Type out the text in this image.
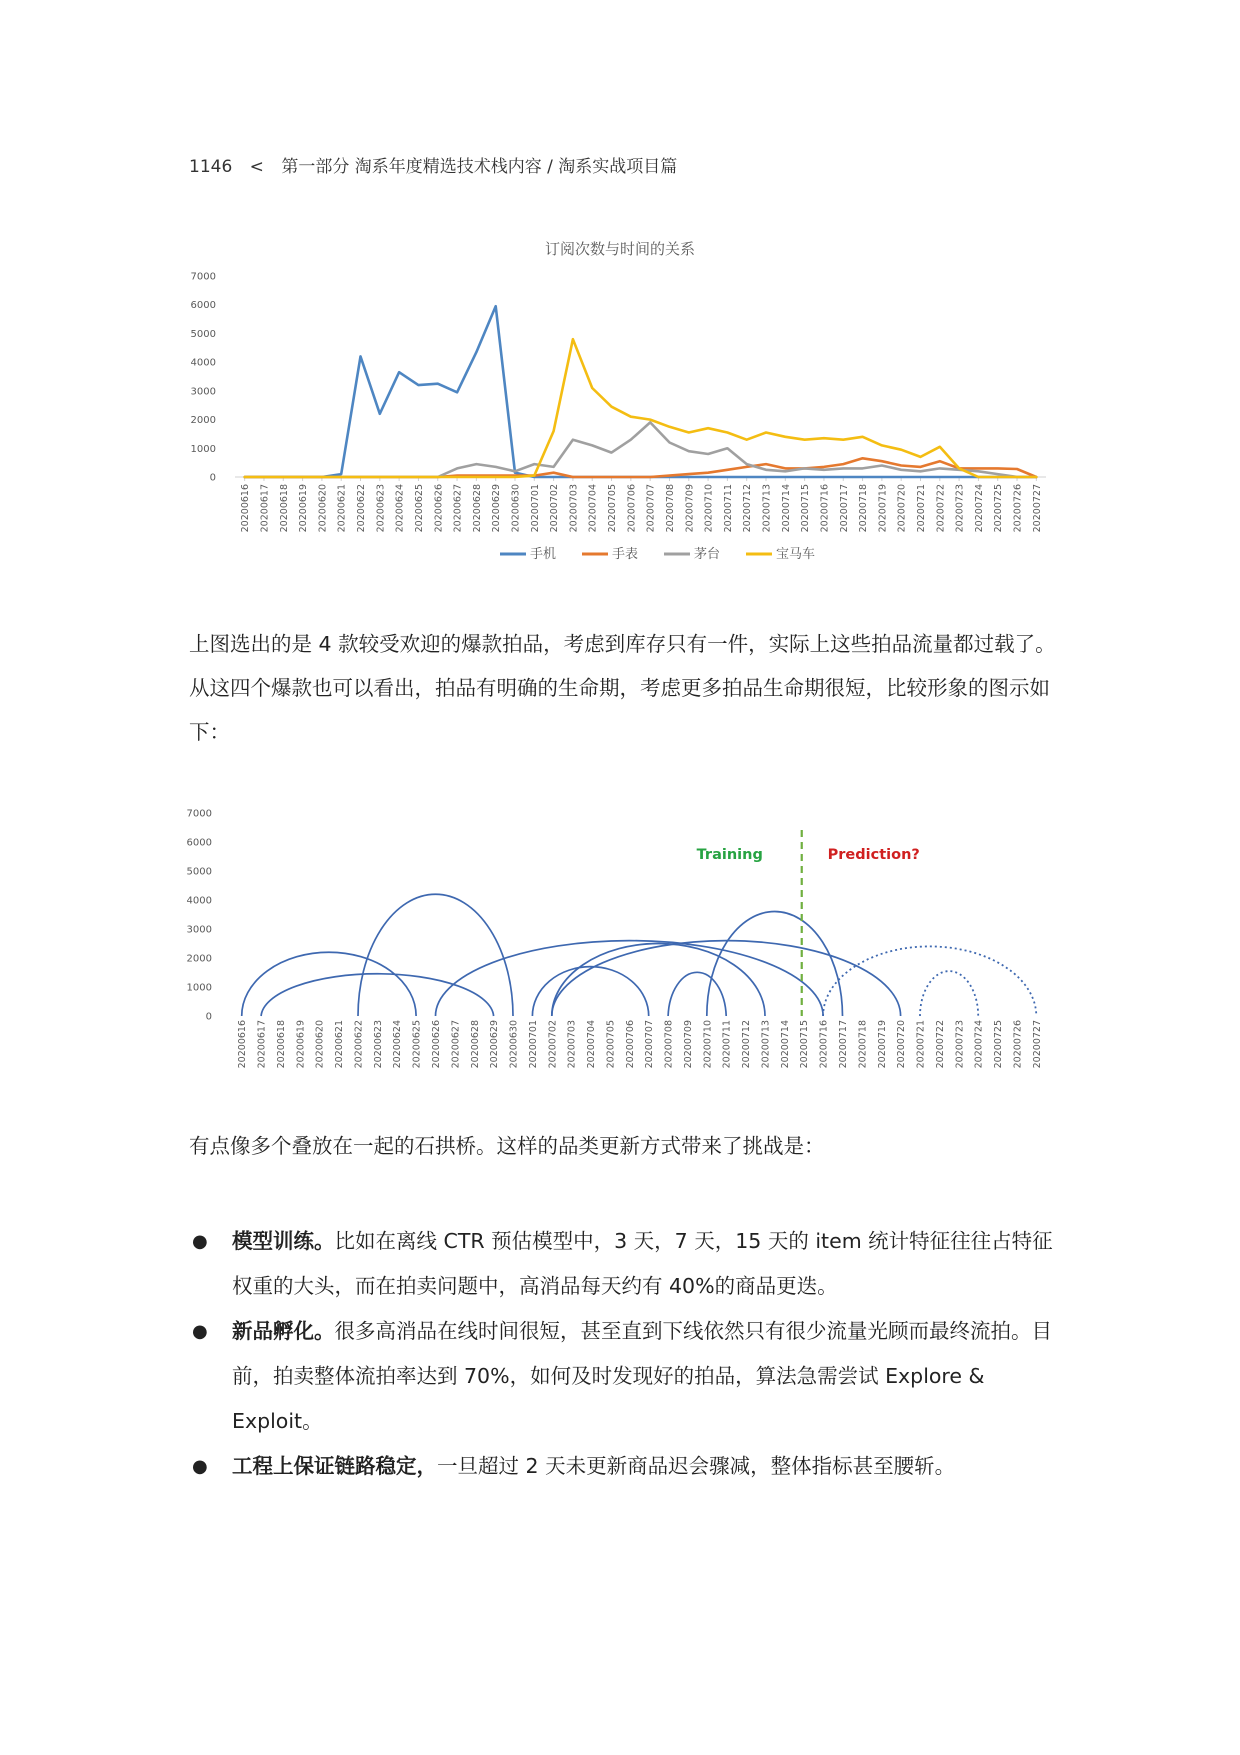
1146 < 第一部分 淘系年度精选技术栈内容 / 淘系实战项目篇
订阅次数与时间的关系
7000
6000
5000
4000
3000
2000
1000
0
20200616 20200617 20200618 20200619 20200620 20200621 20200622 20200623 20200624 20200625 20200626 20200627 20200628 20200629 20200630 20200701 20200702 20200703 20200704 20200705 20200706 20200707 20200708 20200709 20200710 20200711 20200712 20200713 20200714 20200715 20200716 20200717 20200718 20200719 20200720 20200721 20200722 20200723 20200724 20200725 20200726 20200727
手机	手表	茅台	宝马车
上图选出的是 4 款较受欢迎的爆款拍品，考虑到库存只有一件，实际上这些拍品流量都过载了。从这四个爆款也可以看出，拍品有明确的生命期，考虑更多拍品生命期很短，比较形象的图示如下：
7000
6000
5000
4000
3000
2000
1000
0
20200616 20200617 20200618 20200619 20200620 20200621 20200622 20200623 20200624 20200625 20200626 20200627 20200628 20200629 20200630 20200701 20200702 20200703 20200704 20200705 20200706 20200707 20200708 20200709 20200710 20200711 20200712 20200713 20200714 20200715 20200716 20200717 20200718 20200719 20200720 20200721 20200722 20200723 20200724 20200725 20200726 20200727
Training	Prediction?
有点像多个叠放在一起的石拱桥。这样的品类更新方式带来了挑战是：
● 模型训练。比如在离线 CTR 预估模型中，3 天，7 天，15 天的 item 统计特征往往占特征权重的大头，而在拍卖问题中，高消品每天约有 40%的商品更迭。
● 新品孵化。很多高消品在线时间很短，甚至直到下线依然只有很少流量光顾而最终流拍。目前，拍卖整体流拍率达到 70%，如何及时发现好的拍品，算法急需尝试 Explore & Exploit。
● 工程上保证链路稳定，一旦超过 2 天未更新商品迟会骤减，整体指标甚至腰斩。
